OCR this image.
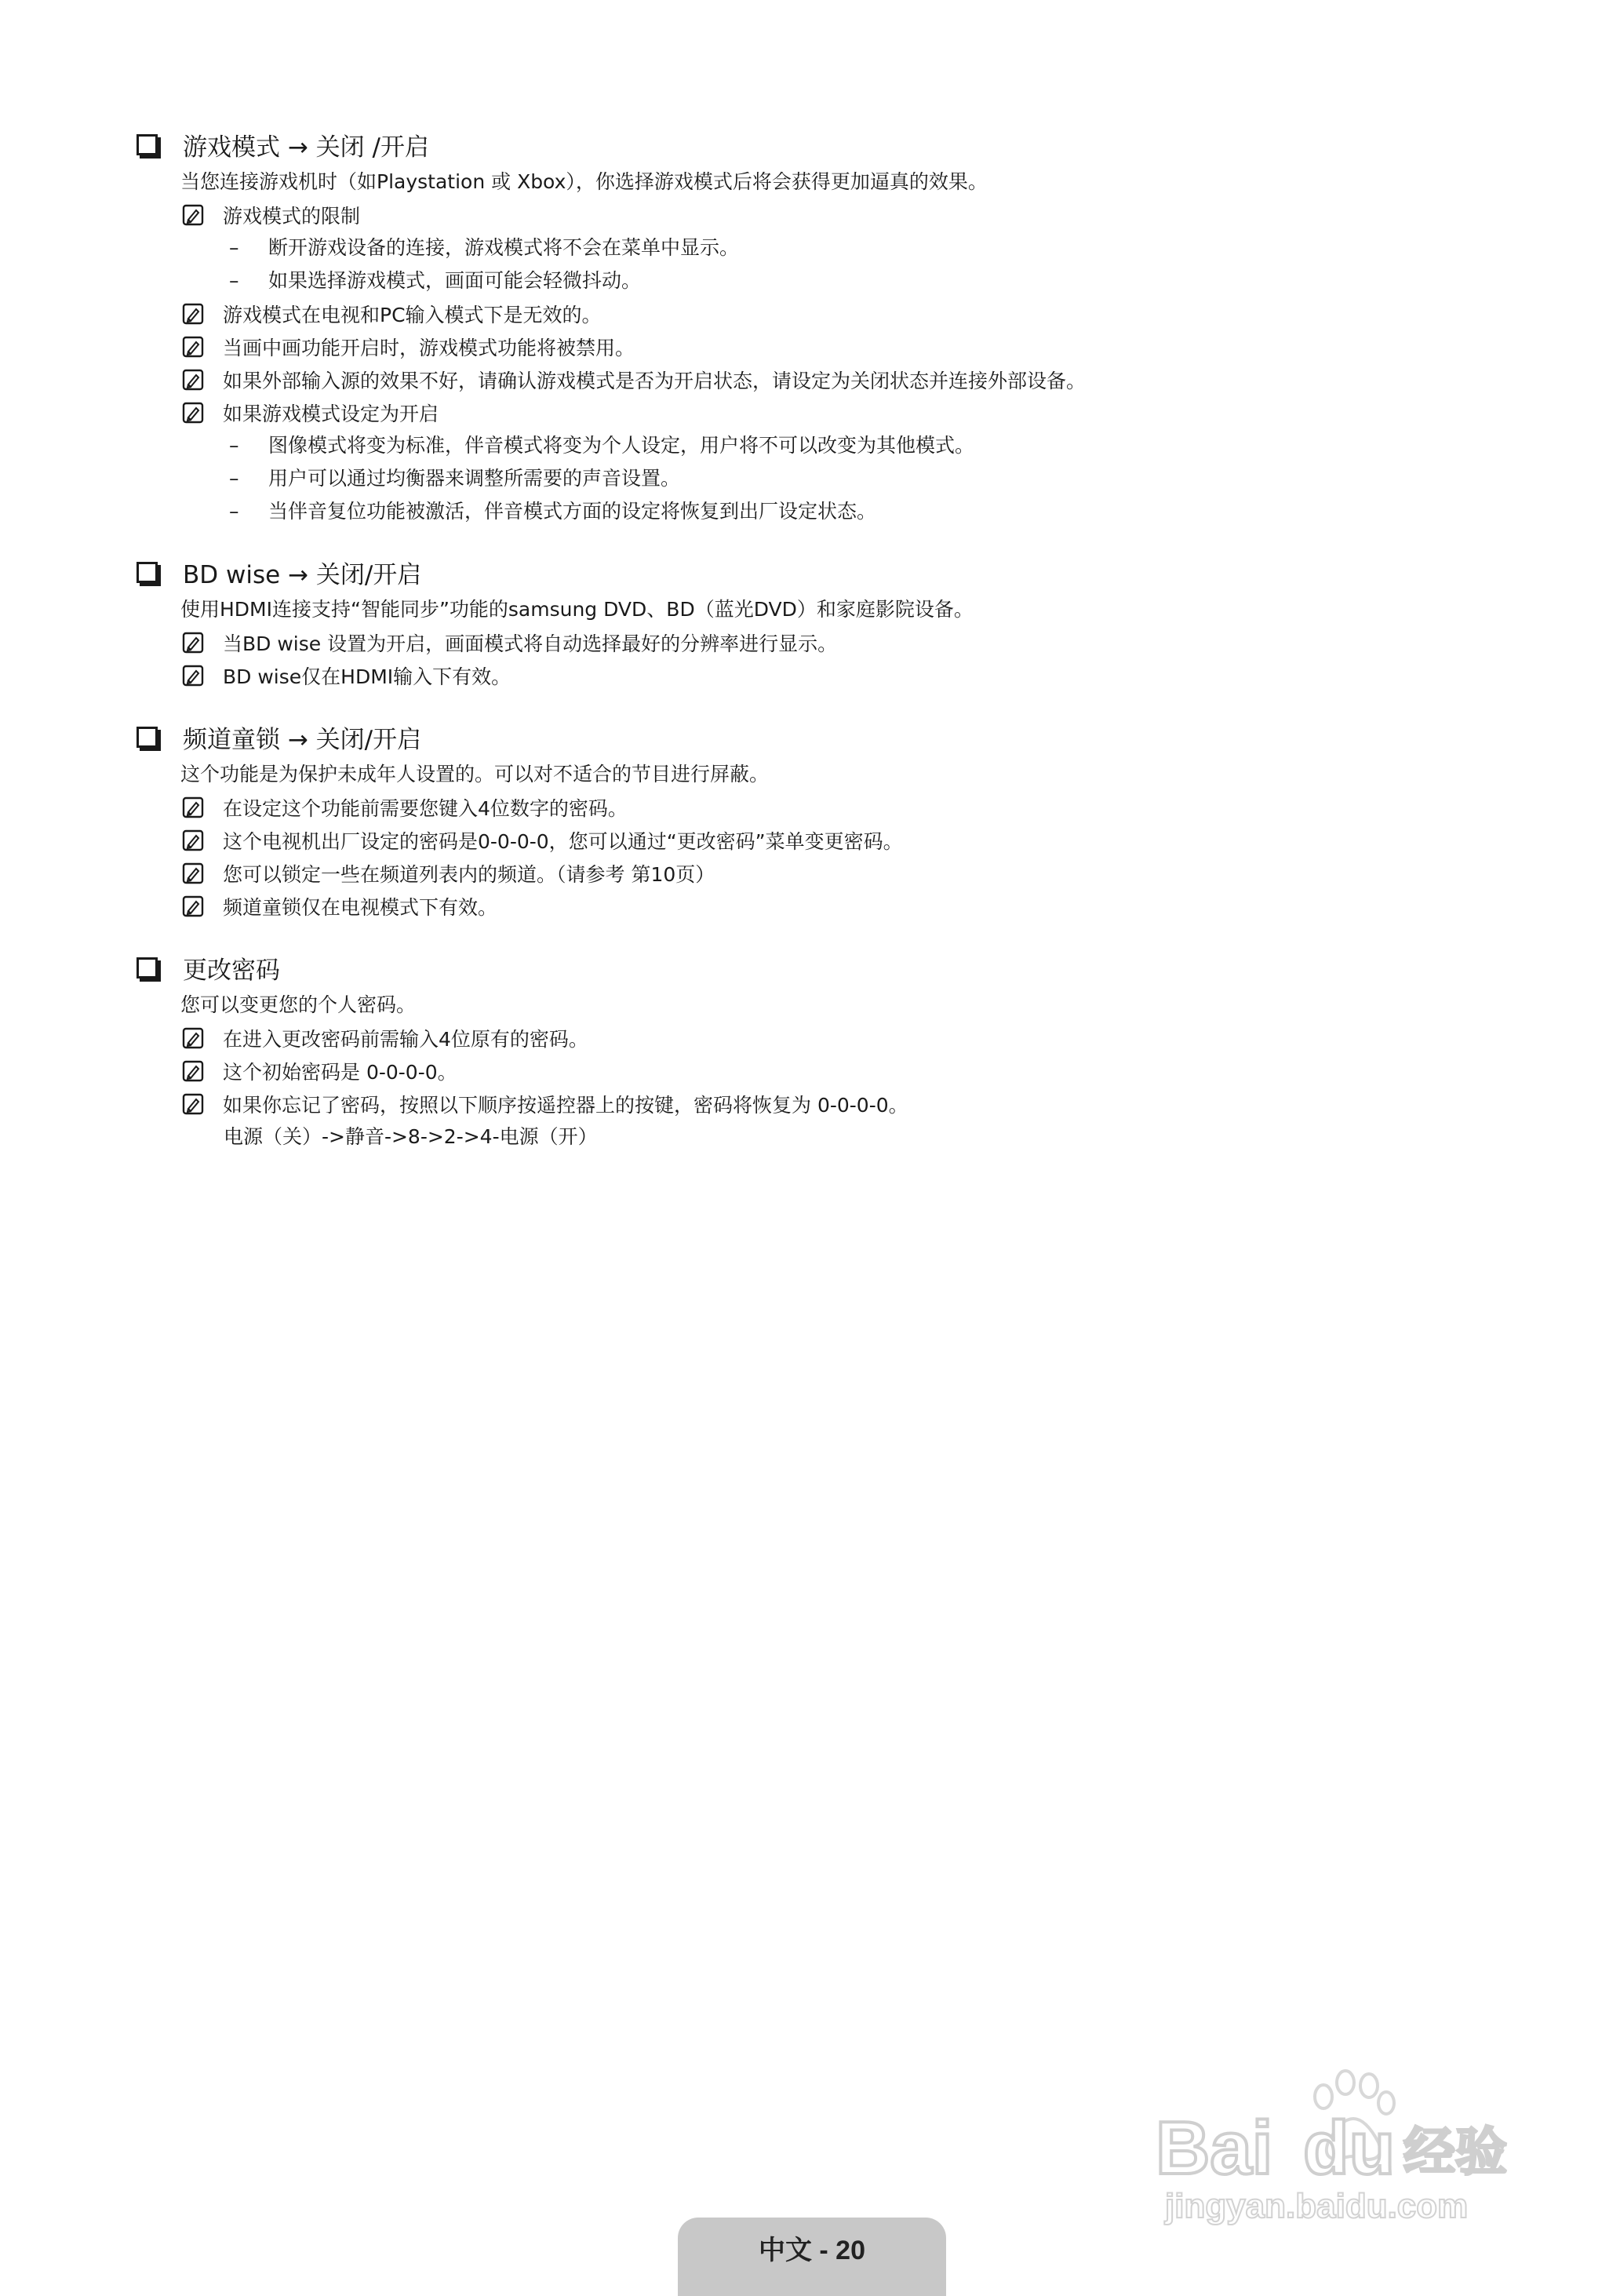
游戏模式 → 关闭 /开启
当您连接游戏机时（如Playstation 或 Xbox），你选择游戏模式后将会获得更加逼真的效果。
游戏模式的限制
– 断开游戏设备的连接，游戏模式将不会在菜单中显示。
– 如果选择游戏模式，画面可能会轻微抖动。
游戏模式在电视和PC输入模式下是无效的。
当画中画功能开启时，游戏模式功能将被禁用。
如果外部输入源的效果不好，请确认游戏模式是否为开启状态，请设定为关闭状态并连接外部设备。
如果游戏模式设定为开启
– 图像模式将变为标准，伴音模式将变为个人设定，用户将不可以改变为其他模式。
– 用户可以通过均衡器来调整所需要的声音设置。
– 当伴音复位功能被激活，伴音模式方面的设定将恢复到出厂设定状态。
BD wise → 关闭/开启
使用HDMI连接支持“智能同步”功能的samsung DVD、BD（蓝光DVD）和家庭影院设备。
当BD wise 设置为开启，画面模式将自动选择最好的分辨率进行显示。
BD wise仅在HDMI输入下有效。
频道童锁 → 关闭/开启
这个功能是为保护未成年人设置的。可以对不适合的节目进行屏蔽。
在设定这个功能前需要您键入4位数字的密码。
这个电视机出厂设定的密码是0-0-0-0，您可以通过“更改密码”菜单变更密码。
您可以锁定一些在频道列表内的频道。（请参考 第10页）
频道童锁仅在电视模式下有效。
更改密码
您可以变更您的个人密码。
在进入更改密码前需输入4位原有的密码。
这个初始密码是 0-0-0-0。
如果你忘记了密码，按照以下顺序按遥控器上的按键，密码将恢复为 0-0-0-0。
电源（关）->静音->8->2->4-电源（开）
Bai du 经验
jingyan.baidu.com
中文 - 20
